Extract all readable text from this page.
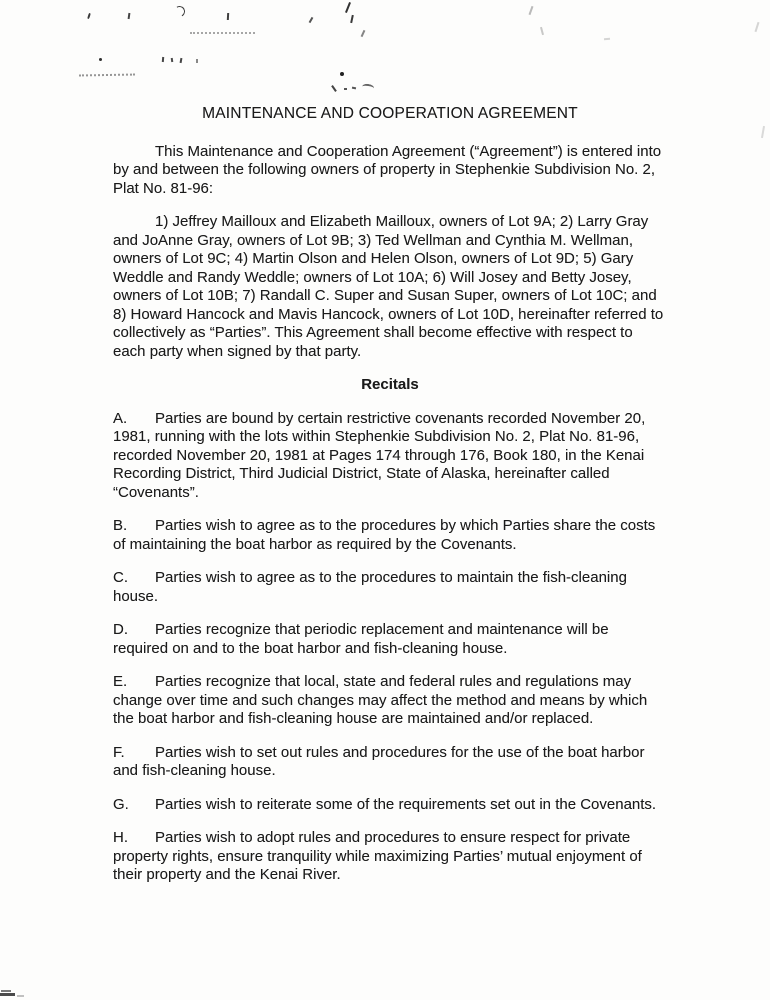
MAINTENANCE AND COOPERATION AGREEMENT

This Maintenance and Cooperation Agreement (“Agreement”) is entered into by and between the following owners of property in Stephenkie Subdivision No. 2, Plat No. 81-96:

1) Jeffrey Mailloux and Elizabeth Mailloux, owners of Lot 9A; 2) Larry Gray and JoAnne Gray, owners of Lot 9B; 3) Ted Wellman and Cynthia M. Wellman, owners of Lot 9C; 4) Martin Olson and Helen Olson, owners of Lot 9D; 5) Gary Weddle and Randy Weddle; owners of Lot 10A; 6) Will Josey and Betty Josey, owners of Lot 10B; 7) Randall C. Super and Susan Super, owners of Lot 10C; and 8) Howard Hancock and Mavis Hancock, owners of Lot 10D, hereinafter referred to collectively as “Parties”. This Agreement shall become effective with respect to each party when signed by that party.

Recitals

A. Parties are bound by certain restrictive covenants recorded November 20, 1981, running with the lots within Stephenkie Subdivision No. 2, Plat No. 81-96, recorded November 20, 1981 at Pages 174 through 176, Book 180, in the Kenai Recording District, Third Judicial District, State of Alaska, hereinafter called “Covenants”.

B. Parties wish to agree as to the procedures by which Parties share the costs of maintaining the boat harbor as required by the Covenants.

C. Parties wish to agree as to the procedures to maintain the fish-cleaning house.

D. Parties recognize that periodic replacement and maintenance will be required on and to the boat harbor and fish-cleaning house.

E. Parties recognize that local, state and federal rules and regulations may change over time and such changes may affect the method and means by which the boat harbor and fish-cleaning house are maintained and/or replaced.

F. Parties wish to set out rules and procedures for the use of the boat harbor and fish-cleaning house.

G. Parties wish to reiterate some of the requirements set out in the Covenants.

H. Parties wish to adopt rules and procedures to ensure respect for private property rights, ensure tranquility while maximizing Parties’ mutual enjoyment of their property and the Kenai River.
